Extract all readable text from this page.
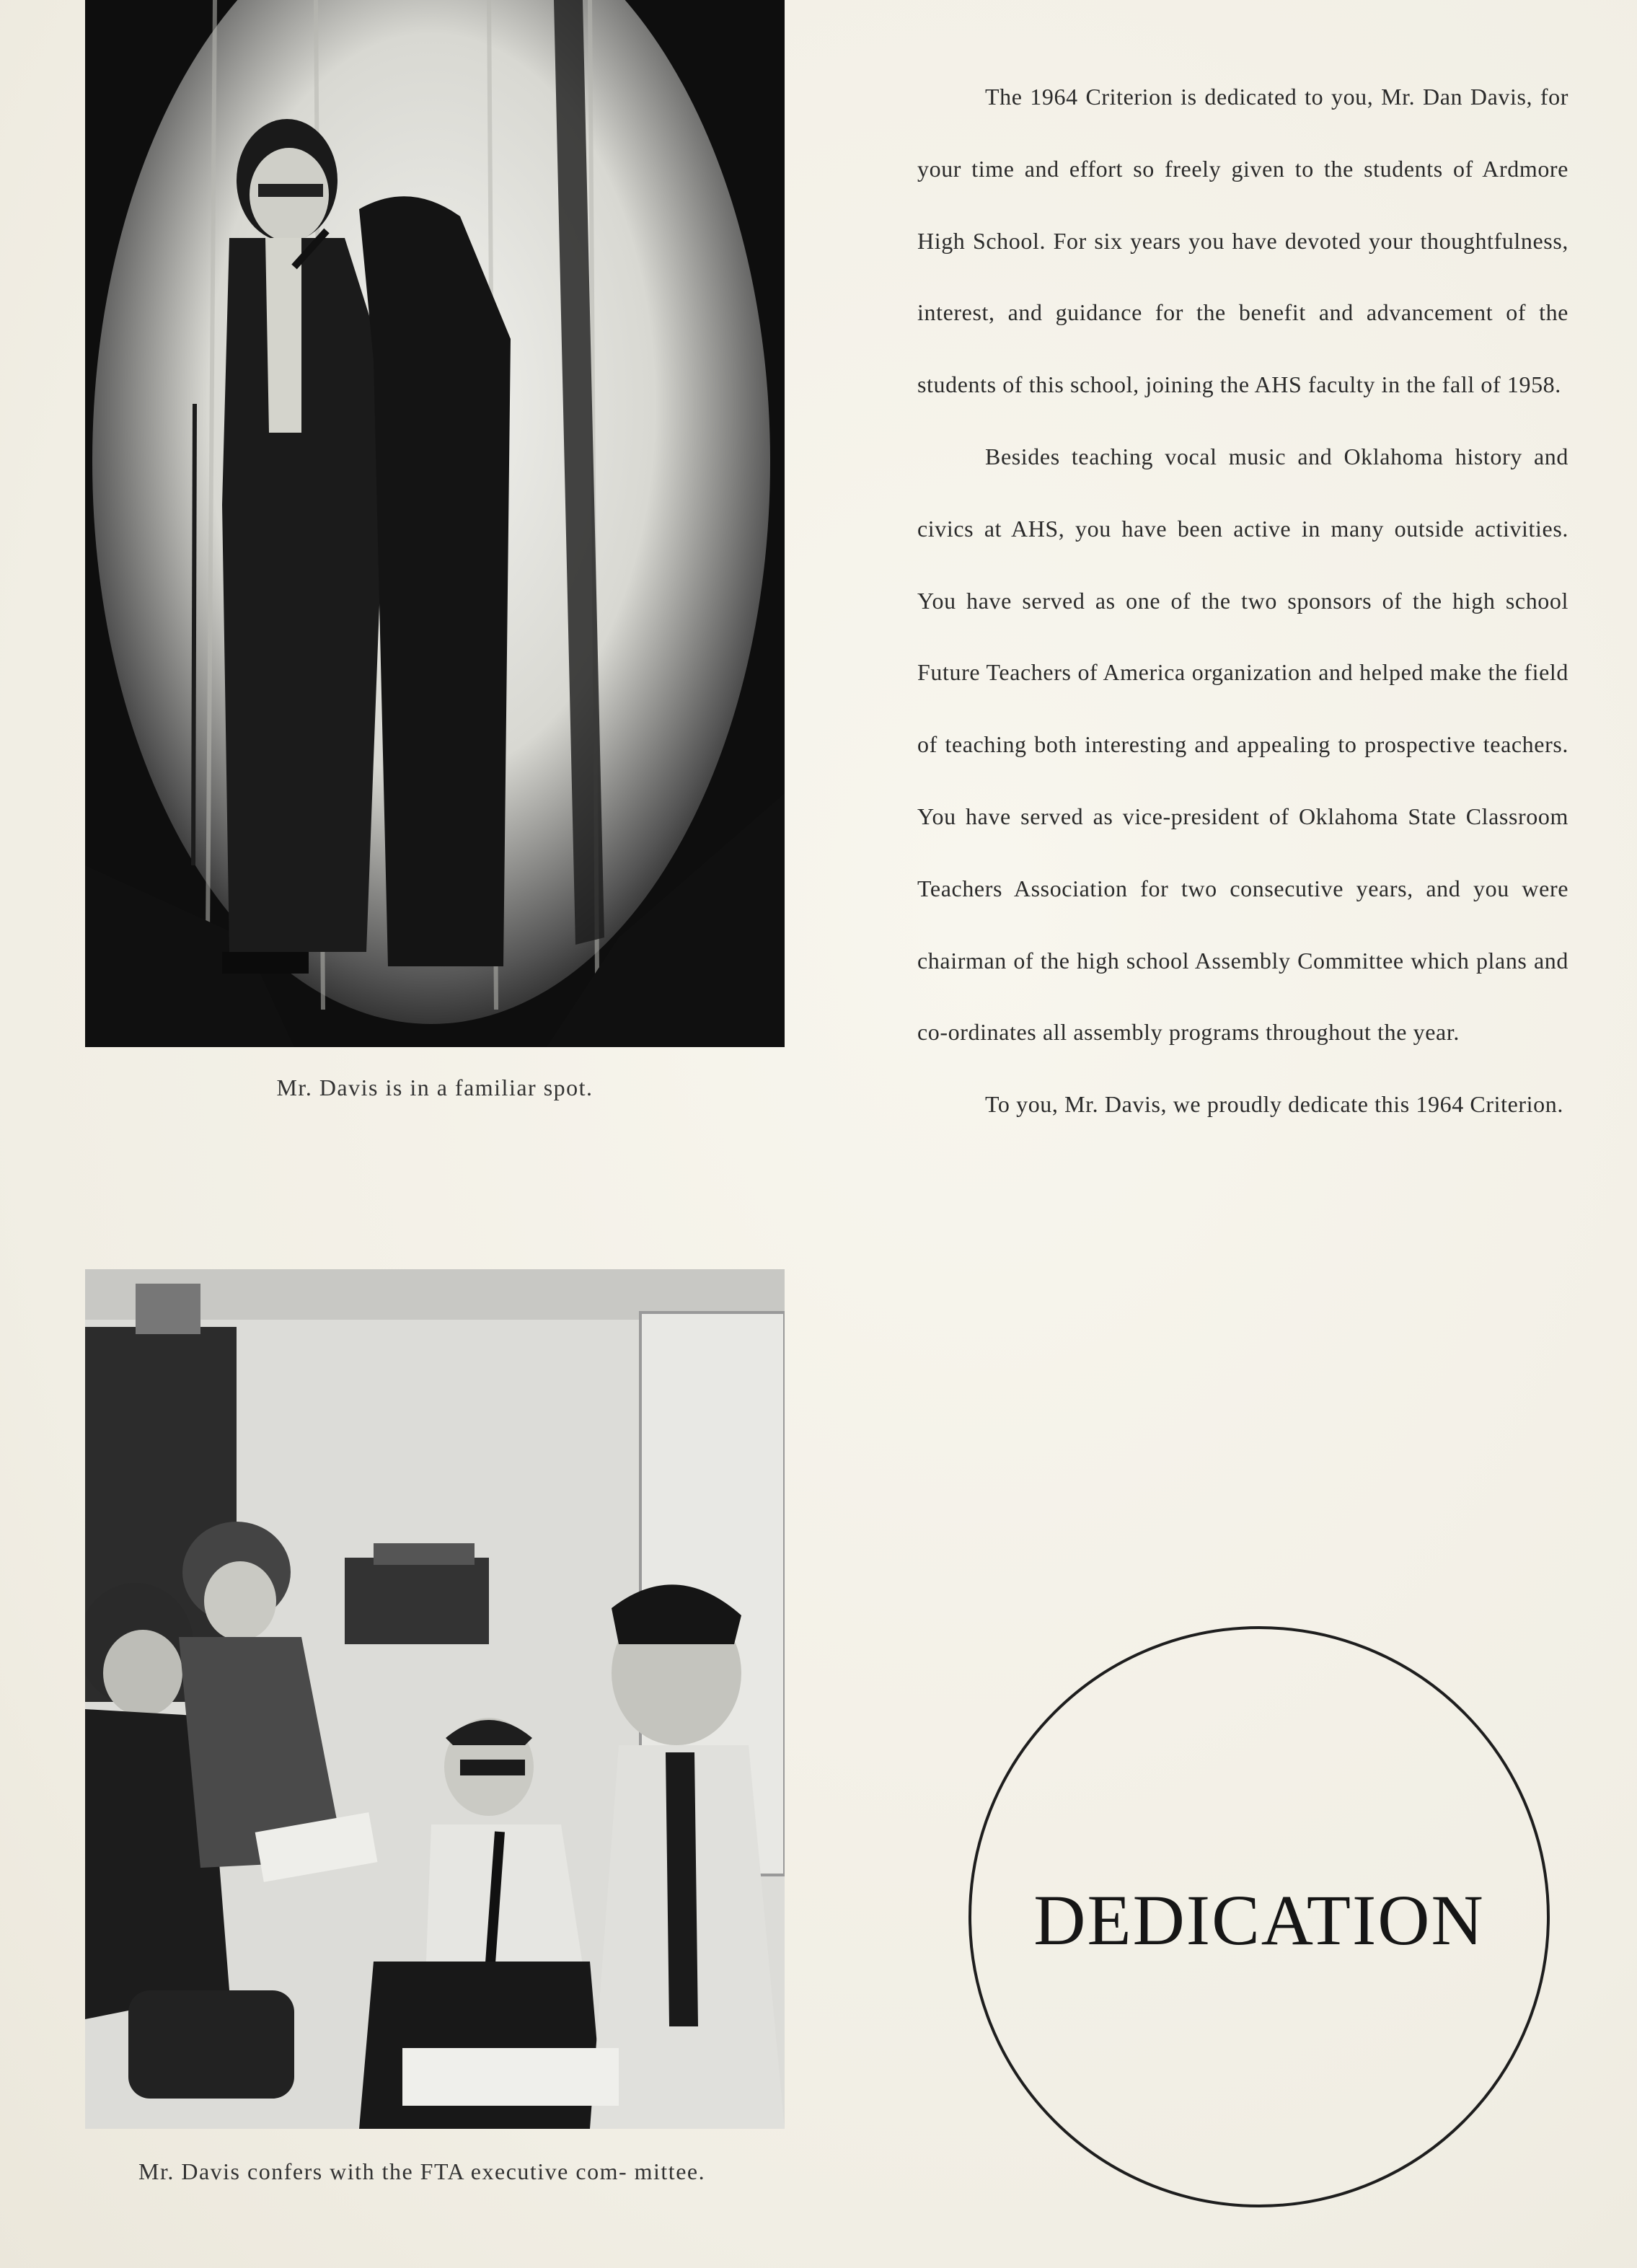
Mr. Davis is in a familiar spot.
Mr. Davis confers with the FTA executive com- mittee.

The 1964 Criterion is dedicated to you, Mr. Dan Davis, for your time and effort so freely given to the students of Ardmore High School. For six years you have devoted your thoughtfulness, interest, and guidance for the benefit and advancement of the students of this school, joining the AHS faculty in the fall of 1958.

Besides teaching vocal music and Oklahoma history and civics at AHS, you have been active in many outside activities. You have served as one of the two sponsors of the high school Future Teachers of America organization and helped make the field of teaching both interesting and appealing to prospective teachers. You have served as vice-president of Oklahoma State Classroom Teachers Association for two consecutive years, and you were chairman of the high school Assembly Committee which plans and co-ordinates all assembly programs throughout the year.

To you, Mr. Davis, we proudly dedicate this 1964 Criterion.

DEDICATION
